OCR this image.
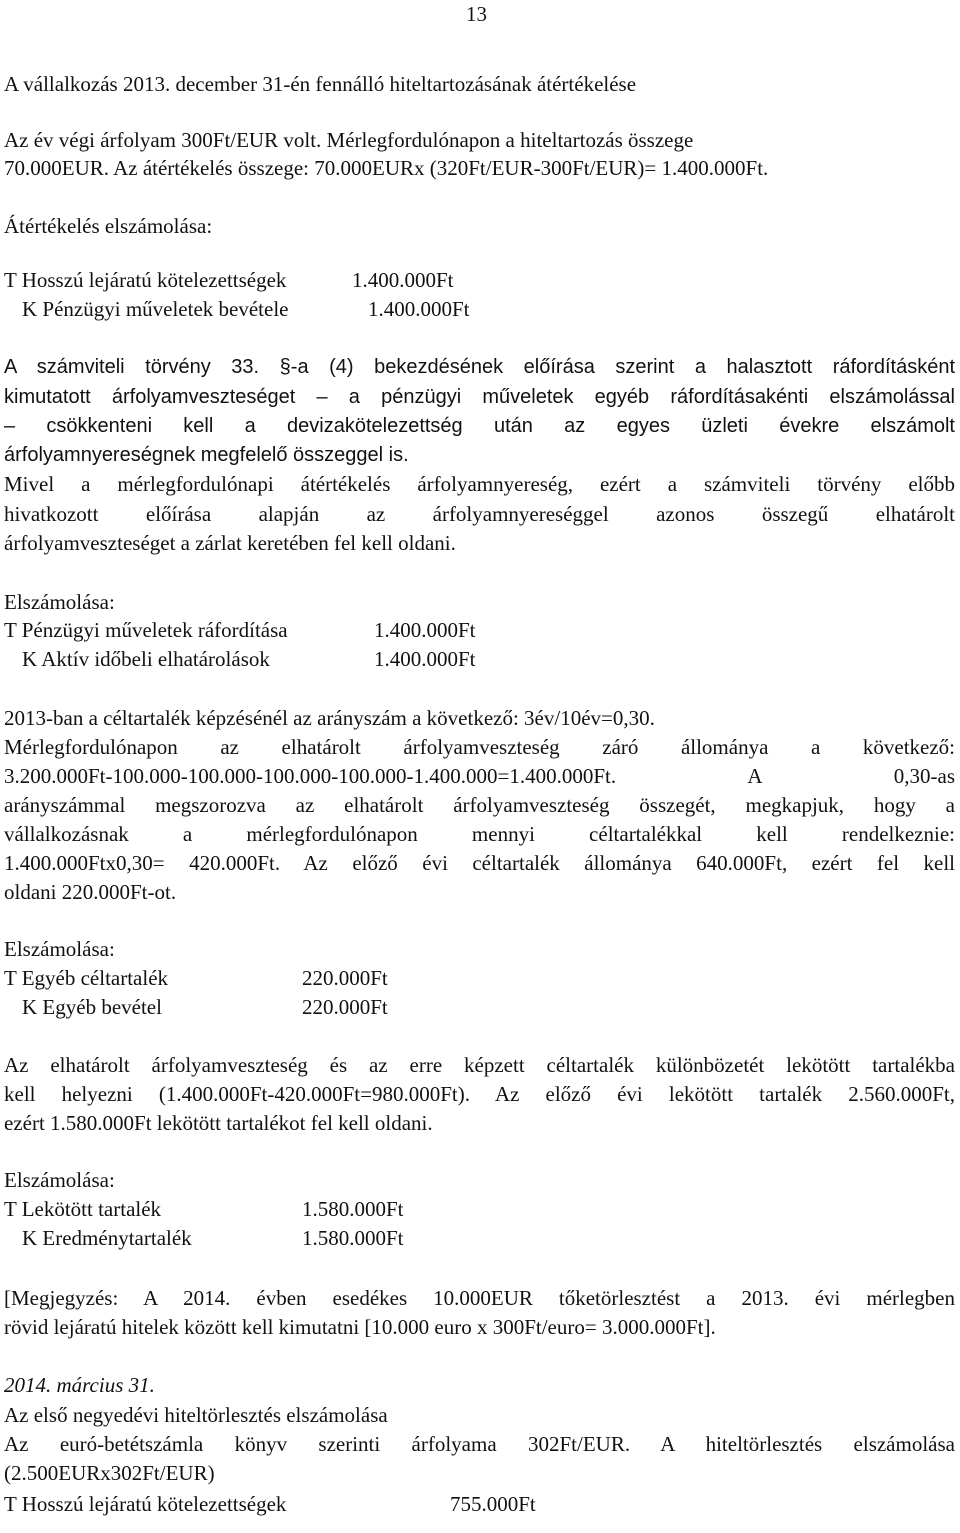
13
A vállalkozás 2013. december 31-én fennálló hiteltartozásának átértékelése
Az év végi árfolyam 300Ft/EUR volt. Mérlegfordulónapon a hiteltartozás összege
70.000EUR. Az átértékelés összege: 70.000EURx (320Ft/EUR-300Ft/EUR)= 1.400.000Ft.
Átértékelés elszámolása:
T Hosszú lejáratú kötelezettségek	1.400.000Ft
K Pénzügyi műveletek bevétele	1.400.000Ft
A számviteli törvény 33. §-a (4) bekezdésének előírása szerint a halasztott ráfordításként
kimutatott árfolyamveszteséget – a pénzügyi műveletek egyéb ráfordításakénti elszámolással
– csökkenteni kell a devizakötelezettség után az egyes üzleti évekre elszámolt
árfolyamnyereségnek megfelelő összeggel is.
Mivel a mérlegfordulónapi átértékelés árfolyamnyereség, ezért a számviteli törvény előbb
hivatkozott előírása alapján az árfolyamnyereséggel azonos összegű elhatárolt
árfolyamveszteséget a zárlat keretében fel kell oldani.
Elszámolása:
T Pénzügyi műveletek ráfordítása	1.400.000Ft
K Aktív időbeli elhatárolások	1.400.000Ft
2013-ban a céltartalék képzésénél az arányszám a következő: 3év/10év=0,30.
Mérlegfordulónapon az elhatárolt árfolyamveszteség záró állománya a következő:
3.200.000Ft-100.000-100.000-100.000-100.000-1.400.000=1.400.000Ft. A 0,30-as
arányszámmal megszorozva az elhatárolt árfolyamveszteség összegét, megkapjuk, hogy a
vállalkozásnak a mérlegfordulónapon mennyi céltartalékkal kell rendelkeznie:
1.400.000Ftx0,30= 420.000Ft. Az előző évi céltartalék állománya 640.000Ft, ezért fel kell
oldani 220.000Ft-ot.
Elszámolása:
T Egyéb céltartalék	220.000Ft
K Egyéb bevétel	220.000Ft
Az elhatárolt árfolyamveszteség és az erre képzett céltartalék különbözetét lekötött tartalékba
kell helyezni (1.400.000Ft-420.000Ft=980.000Ft). Az előző évi lekötött tartalék 2.560.000Ft,
ezért 1.580.000Ft lekötött tartalékot fel kell oldani.
Elszámolása:
T Lekötött tartalék	1.580.000Ft
K Eredménytartalék	1.580.000Ft
[Megjegyzés: A 2014. évben esedékes 10.000EUR tőketörlesztést a 2013. évi mérlegben
rövid lejáratú hitelek között kell kimutatni [10.000 euro x 300Ft/euro= 3.000.000Ft].
2014. március 31.
Az első negyedévi hiteltörlesztés elszámolása
Az euró-betétszámla könyv szerinti árfolyama 302Ft/EUR. A hiteltörlesztés elszámolása
(2.500EURx302Ft/EUR)
T Hosszú lejáratú kötelezettségek	755.000Ft
